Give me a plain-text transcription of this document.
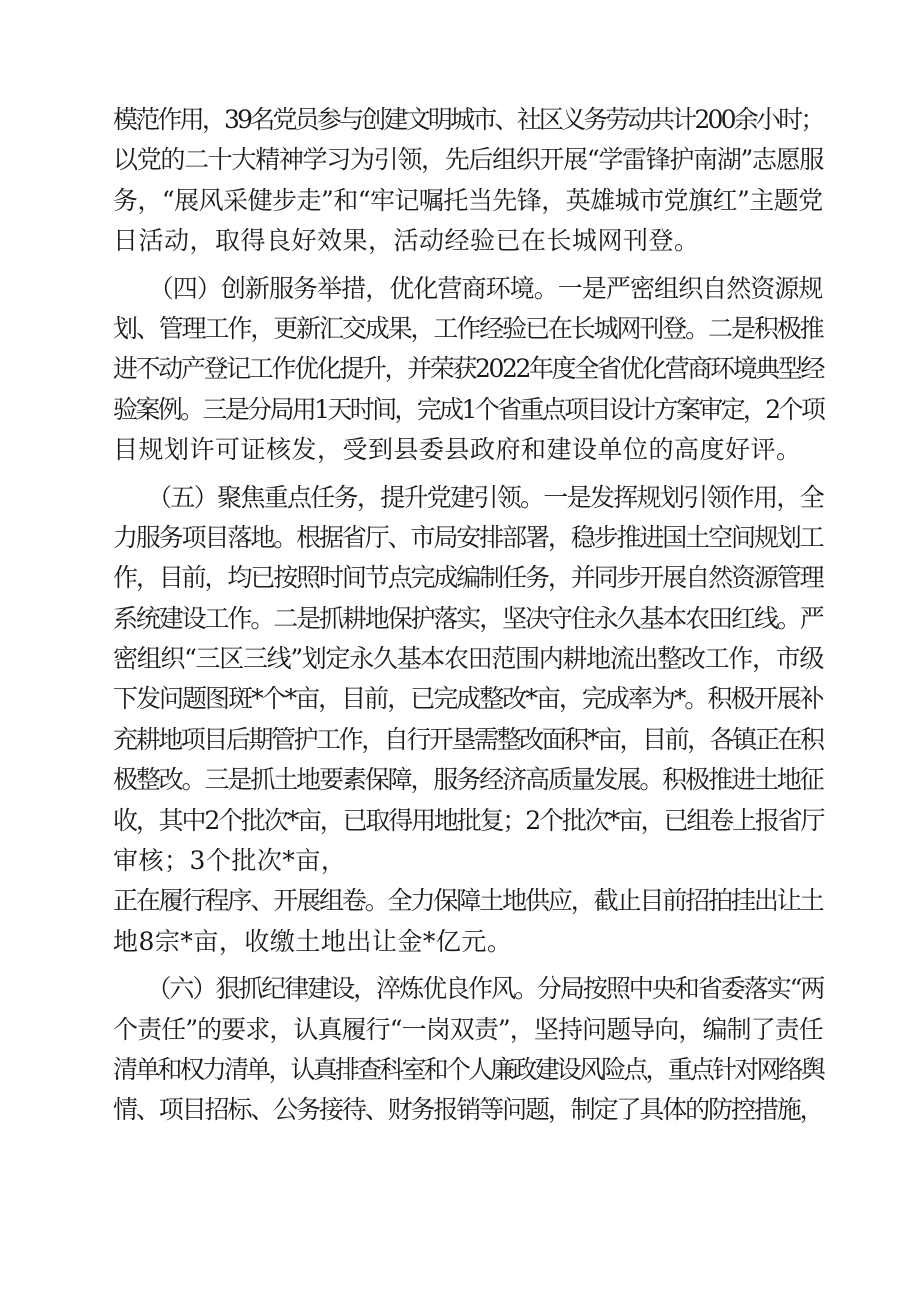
模范作用，39名党员参与创建文明城市、社区义务劳动共计200余小时；
以党的二十大精神学习为引领，先后组织开展“学雷锋护南湖”志愿服
务，“展风采健步走”和“牢记嘱托当先锋，英雄城市党旗红”主题党
日活动，取得良好效果，活动经验已在长城网刊登。
　　（四）创新服务举措，优化营商环境。一是严密组织自然资源规
划、管理工作，更新汇交成果，工作经验已在长城网刊登。二是积极推
进不动产登记工作优化提升，并荣获2022年度全省优化营商环境典型经
验案例。三是分局用1天时间，完成1个省重点项目设计方案审定，2个项
目规划许可证核发，受到县委县政府和建设单位的高度好评。
　　（五）聚焦重点任务，提升党建引领。一是发挥规划引领作用，全
力服务项目落地。根据省厅、市局安排部署，稳步推进国土空间规划工
作，目前，均已按照时间节点完成编制任务，并同步开展自然资源管理
系统建设工作。二是抓耕地保护落实，坚决守住永久基本农田红线。严
密组织“三区三线”划定永久基本农田范围内耕地流出整改工作，市级
下发问题图斑*个*亩，目前，已完成整改*亩，完成率为*。积极开展补
充耕地项目后期管护工作，自行开垦需整改面积*亩，目前，各镇正在积
极整改。三是抓土地要素保障，服务经济高质量发展。积极推进土地征
收，其中2个批次*亩，已取得用地批复；2个批次*亩，已组卷上报省厅
审核；3个批次*亩，
正在履行程序、开展组卷。全力保障土地供应，截止目前招拍挂出让土
地8宗*亩，收缴土地出让金*亿元。
　　（六）狠抓纪律建设，淬炼优良作风。分局按照中央和省委落实“两
个责任”的要求，认真履行“一岗双责”，坚持问题导向，编制了责任
清单和权力清单，认真排查科室和个人廉政建设风险点，重点针对网络舆
情、项目招标、公务接待、财务报销等问题，制定了具体的防控措施，
